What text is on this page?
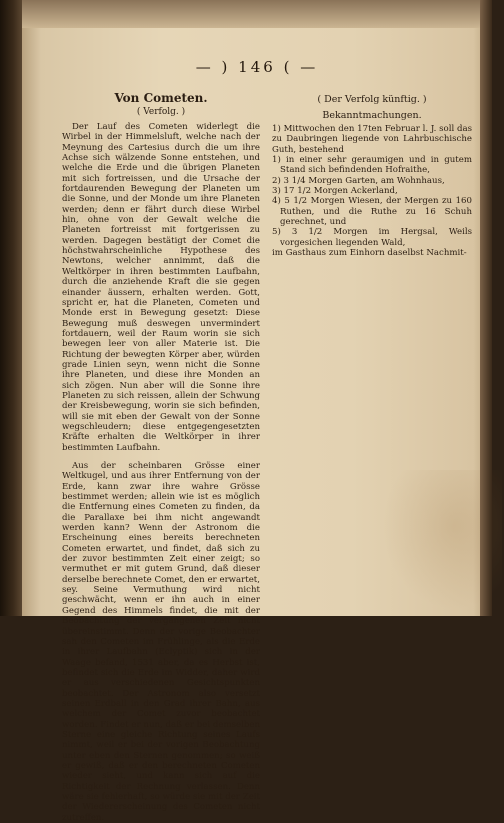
— ) 146 ( —
Von Cometen.
( Verfolg. )

Der Lauf des Cometen widerlegt die Wirbel in der Himmelsluft, welche nach der Meynung des Cartesius durch die um ihre Achse sich wälzende Sonne entstehen, und welche die Erde und die übrigen Planeten mit sich fortreissen, und die Ursache der fortdaurenden Bewegung der Planeten um die Sonne, und der Monde um ihre Planeten werden; denn er fährt durch diese Wirbel hin, ohne von der Gewalt welche die Planeten fortreisst mit fortgerissen zu werden. Dagegen bestätigt der Comet die höchstwahrscheinliche Hypothese des Newtons, welcher annimmt, daß die Weltkörper in ihren bestimmten Laufbahn, durch die anziehende Kraft die sie gegen einander äussern, erhalten werden. Gott, spricht er, hat die Planeten, Cometen und Monde erst in Bewegung gesetzt: Diese Bewegung muß deswegen unvermindert fortdauern, weil der Raum worin sie sich bewegen leer von aller Materie ist. Die Richtung der bewegten Körper aber, würden grade Linien seyn, wenn nicht die Sonne ihre Planeten, und diese ihre Monden an sich zögen. Nun aber will die Sonne ihre Planeten zu sich reissen, allein der Schwung der Kreisbewegung, worin sie sich befinden, will sie mit eben der Gewalt von der Sonne wegschleudern; diese entgegengesetzten Kräfte erhalten die Weltkörper in ihrer bestimmten Laufbahn.

Aus der scheinbaren Grösse einer Weltkugel, und aus ihrer Entfernung von der Erde, kann zwar ihre wahre Grösse bestimmet werden; allein wie ist es möglich die Entfernung eines Cometen zu finden, da die Parallaxe bei ihm nicht angewandt werden kann? Wenn der Astronom die Erscheinung eines bereits berechneten Cometen erwartet, und findet, daß sich zu der zuvor bestimmten Zeit einer zeigt; so vermuthet er mit gutem Grund, daß dieser derselbe berechnete Comet, den er erwartet, sey. Seine Vermuthung wird nicht geschwächt, wenn er ihn auch in einer Gegend des Himmels findet, die mit der Beobachtung der vergangenen Zeit nicht übereinstimmt. Denn der vorige Beobachter sah den Cometen im Frühlinge, als die Erde in ihrer Laufbahn (Eclyptik) sich in der Waage befand, 1531 aber, da es Herbst ist, befindet sich die Erde im Widder, daher wird er aus verschiedenen Gesichtspunkten beobachtet. Der Astronom also versetzt seinen Erdball in den Grad ihrer Bahn, aus welchem der Comet zuvor beobachtet worden. Findet er nun, daß er bei demselben Sterne eine gleiche Richtung seines Laufs nimmt, weil er bei der vorigen Beobachtung unter eben den Sternen genommen; so weiß er gewiß, daß er den berechneten Cometen wieder sieht, und kann sich auf die Richtigkeit der Rechnung verlassen. Denn wäre sie fehlerhaft, so würde sie mit der Zeit der Wiedererscheinung des Cometen nicht zutreffen.

( Der Verfolg künftig. )
Bekanntmachungen.

1) Mittwochen den 17ten Februar l. J. soll das zu Daubringen liegende von Lahrbuschische Guth, bestehend

1) in einer sehr geraumigen und in gutem Stand sich befindenden Hofraithe,

2) 3 1/4 Morgen Garten, am Wohnhaus,

3) 17 1/2 Morgen Ackerland,

4) 5 1/2 Morgen Wiesen, der Mergen zu 160 Ruthen, und die Ruthe zu 16 Schuh gerechnet, und

5) 3 1/2 Morgen im Hergsal, Weils vorgesichen liegenden Wald,

im Gasthaus zum Einhorn daselbst Nachmit-
